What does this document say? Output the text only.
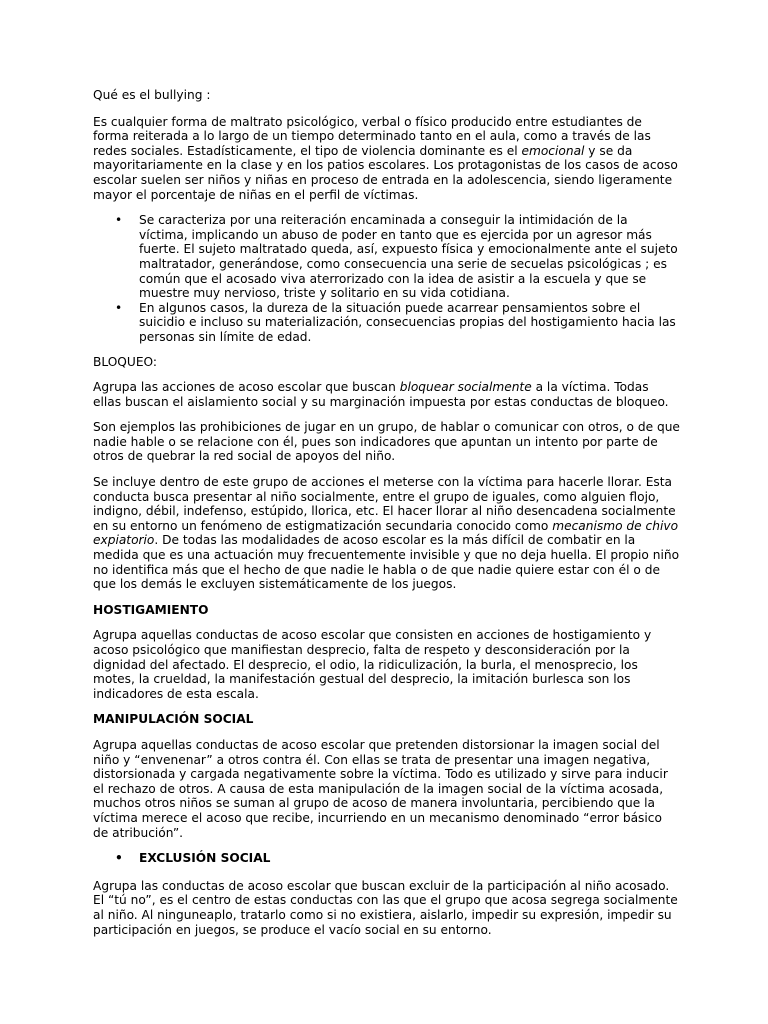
Qué es el bullying :

Es cualquier forma de maltrato psicológico, verbal o físico producido entre estudiantes de forma reiterada a lo largo de un tiempo determinado tanto en el aula, como a través de las redes sociales. Estadísticamente, el tipo de violencia dominante es el emocional y se da mayoritariamente en la clase y en los patios escolares. Los protagonistas de los casos de acoso escolar suelen ser niños y niñas en proceso de entrada en la adolescencia, siendo ligeramente mayor el porcentaje de niñas en el perfil de víctimas.

• Se caracteriza por una reiteración encaminada a conseguir la intimidación de la víctima, implicando un abuso de poder en tanto que es ejercida por un agresor más fuerte. El sujeto maltratado queda, así, expuesto física y emocionalmente ante el sujeto maltratador, generándose, como consecuencia una serie de secuelas psicológicas ; es común que el acosado viva aterrorizado con la idea de asistir a la escuela y que se muestre muy nervioso, triste y solitario en su vida cotidiana.
• En algunos casos, la dureza de la situación puede acarrear pensamientos sobre el suicidio e incluso su materialización, consecuencias propias del hostigamiento hacia las personas sin límite de edad.

BLOQUEO:

Agrupa las acciones de acoso escolar que buscan bloquear socialmente a la víctima. Todas ellas buscan el aislamiento social y su marginación impuesta por estas conductas de bloqueo.

Son ejemplos las prohibiciones de jugar en un grupo, de hablar o comunicar con otros, o de que nadie hable o se relacione con él, pues son indicadores que apuntan un intento por parte de otros de quebrar la red social de apoyos del niño.

Se incluye dentro de este grupo de acciones el meterse con la víctima para hacerle llorar. Esta conducta busca presentar al niño socialmente, entre el grupo de iguales, como alguien flojo, indigno, débil, indefenso, estúpido, llorica, etc. El hacer llorar al niño desencadena socialmente en su entorno un fenómeno de estigmatización secundaria conocido como mecanismo de chivo expiatorio. De todas las modalidades de acoso escolar es la más difícil de combatir en la medida que es una actuación muy frecuentemente invisible y que no deja huella. El propio niño no identifica más que el hecho de que nadie le habla o de que nadie quiere estar con él o de que los demás le excluyen sistemáticamente de los juegos.

HOSTIGAMIENTO

Agrupa aquellas conductas de acoso escolar que consisten en acciones de hostigamiento y acoso psicológico que manifiestan desprecio, falta de respeto y desconsideración por la dignidad del afectado. El desprecio, el odio, la ridiculización, la burla, el menosprecio, los motes, la crueldad, la manifestación gestual del desprecio, la imitación burlesca son los indicadores de esta escala.

MANIPULACIÓN SOCIAL

Agrupa aquellas conductas de acoso escolar que pretenden distorsionar la imagen social del niño y “envenenar” a otros contra él. Con ellas se trata de presentar una imagen negativa, distorsionada y cargada negativamente sobre la víctima. Todo es utilizado y sirve para inducir el rechazo de otros. A causa de esta manipulación de la imagen social de la víctima acosada, muchos otros niños se suman al grupo de acoso de manera involuntaria, percibiendo que la víctima merece el acoso que recibe, incurriendo en un mecanismo denominado “error básico de atribución”.

• EXCLUSIÓN SOCIAL

Agrupa las conductas de acoso escolar que buscan excluir de la participación al niño acosado. El “tú no”, es el centro de estas conductas con las que el grupo que acosa segrega socialmente al niño. Al ninguneарlo, tratarlo como si no existiera, aislarlo, impedir su expresión, impedir su participación en juegos, se produce el vacío social en su entorno.
